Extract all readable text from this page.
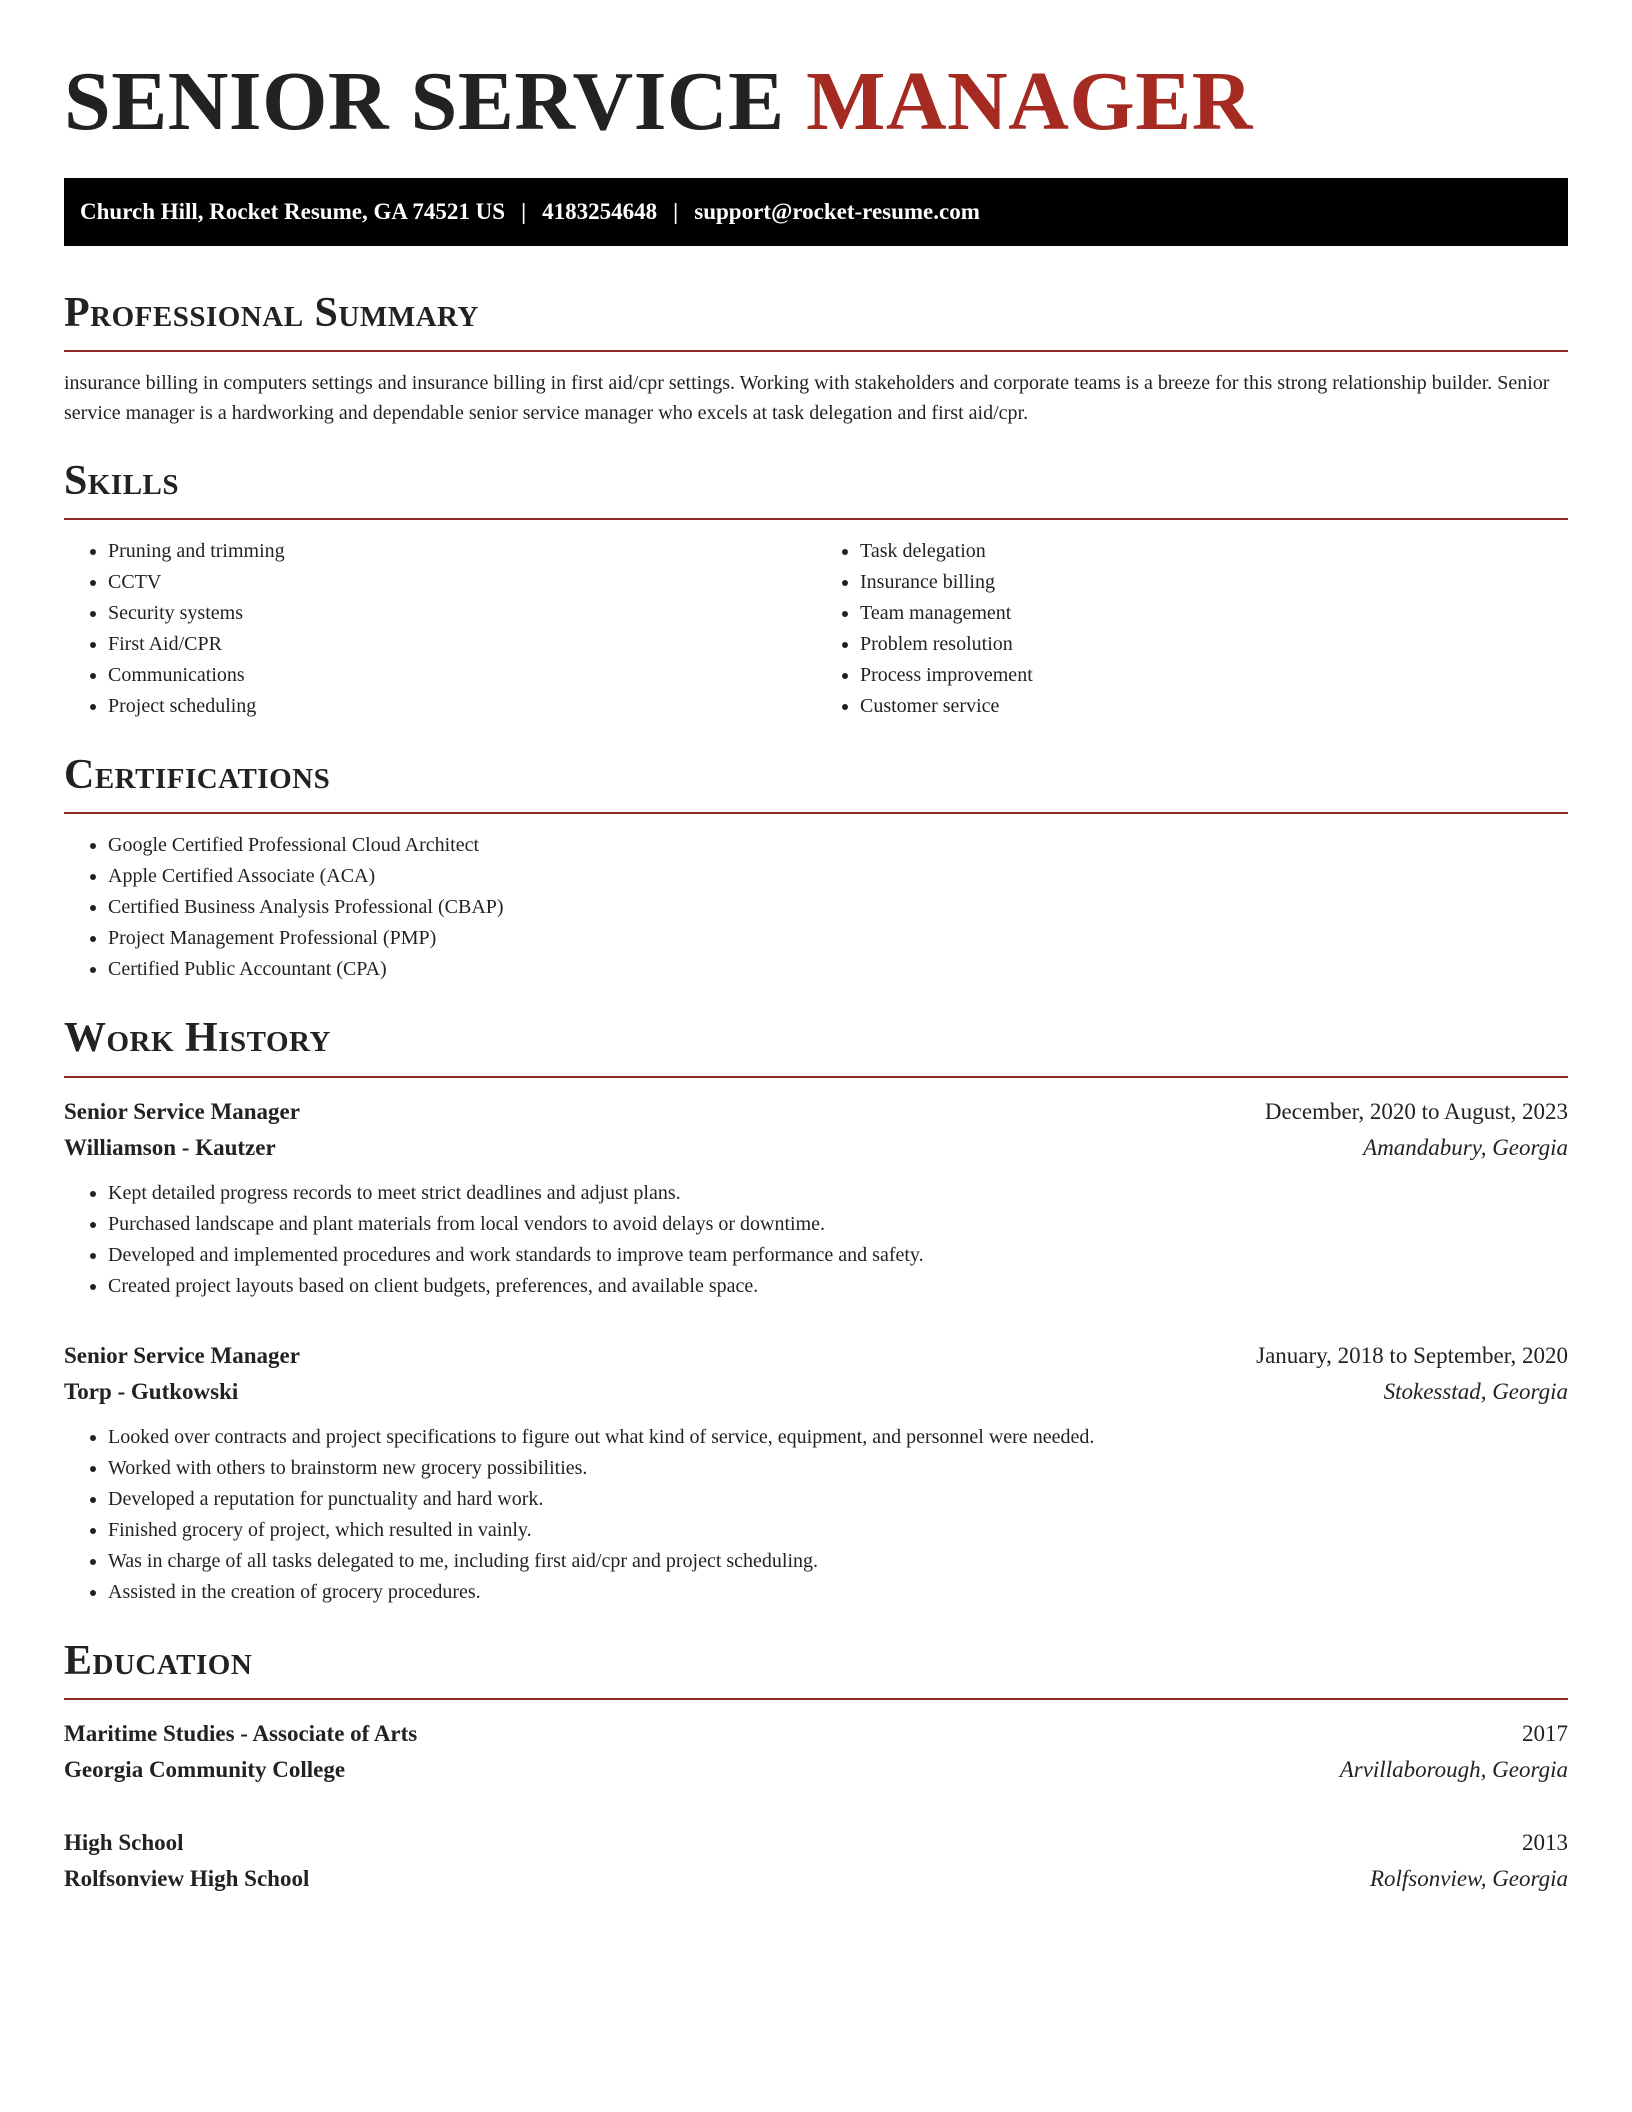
SENIOR SERVICE MANAGER
Church Hill, Rocket Resume, GA 74521 US | 4183254648 | support@rocket-resume.com
Professional Summary

insurance billing in computers settings and insurance billing in first aid/cpr settings. Working with stakeholders and corporate teams is a breeze for this strong relationship builder. Senior service manager is a hardworking and dependable senior service manager who excels at task delegation and first aid/cpr.

Skills
• Pruning and trimming
• CCTV
• Security systems
• First Aid/CPR
• Communications
• Project scheduling
• Task delegation
• Insurance billing
• Team management
• Problem resolution
• Process improvement
• Customer service
Certifications
• Google Certified Professional Cloud Architect
• Apple Certified Associate (ACA)
• Certified Business Analysis Professional (CBAP)
• Project Management Professional (PMP)
• Certified Public Accountant (CPA)
Work History
Senior Service Manager	December, 2020 to August, 2023
Williamson - Kautzer	Amandabury, Georgia
• Kept detailed progress records to meet strict deadlines and adjust plans.
• Purchased landscape and plant materials from local vendors to avoid delays or downtime.
• Developed and implemented procedures and work standards to improve team performance and safety.
• Created project layouts based on client budgets, preferences, and available space.
Senior Service Manager	January, 2018 to September, 2020
Torp - Gutkowski	Stokesstad, Georgia
• Looked over contracts and project specifications to figure out what kind of service, equipment, and personnel were needed.
• Worked with others to brainstorm new grocery possibilities.
• Developed a reputation for punctuality and hard work.
• Finished grocery of project, which resulted in vainly.
• Was in charge of all tasks delegated to me, including first aid/cpr and project scheduling.
• Assisted in the creation of grocery procedures.
Education
Maritime Studies - Associate of Arts	2017
Georgia Community College	Arvillaborough, Georgia
High School	2013
Rolfsonview High School	Rolfsonview, Georgia
